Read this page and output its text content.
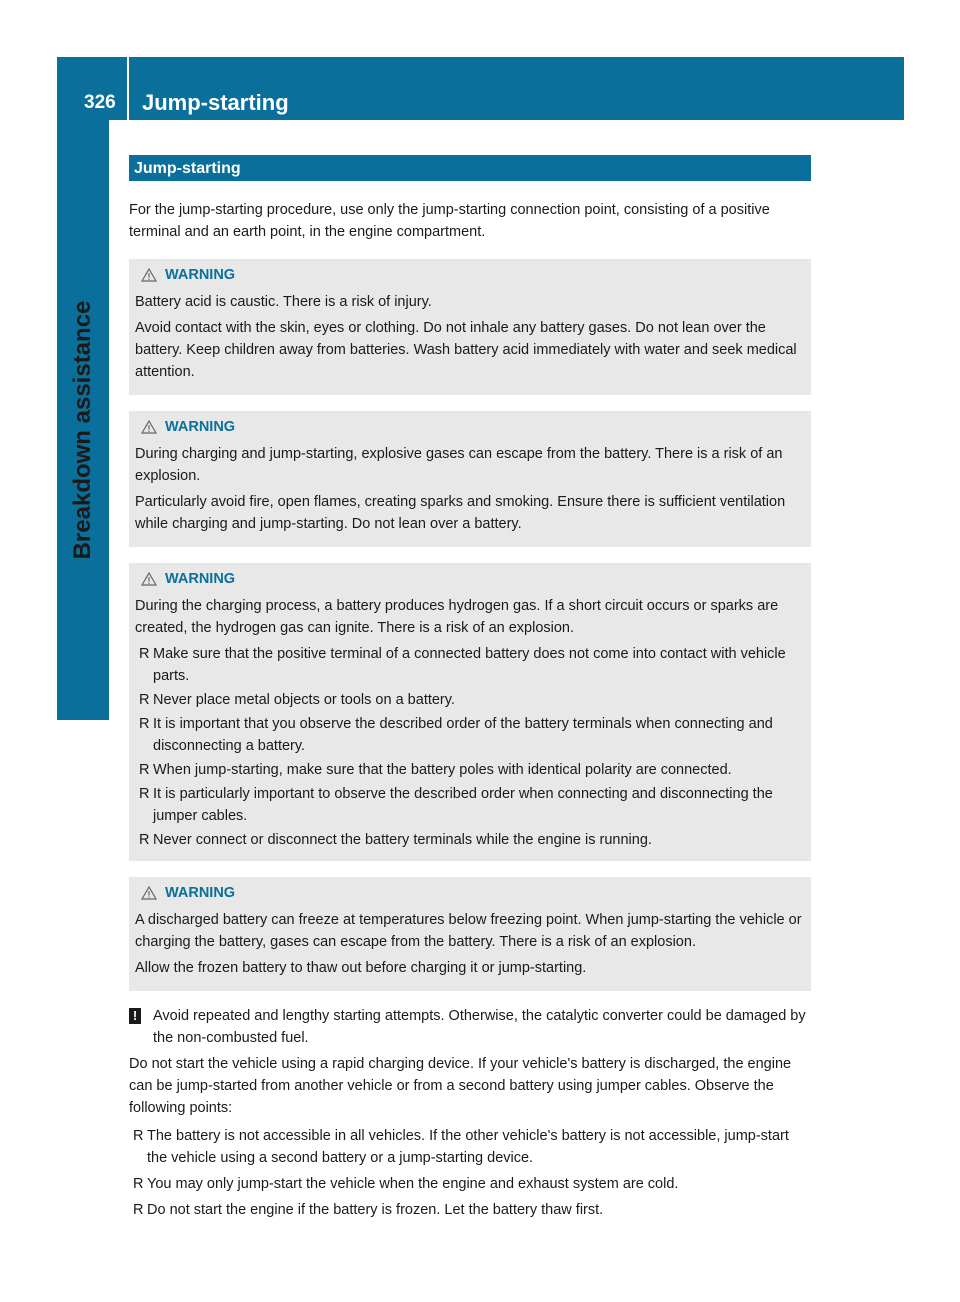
326 Jump-starting
Breakdown assistance
Jump-starting

For the jump-starting procedure, use only the jump-starting connection point, consisting of a positive terminal and an earth point, in the engine compartment.

WARNING

Battery acid is caustic. There is a risk of injury.

Avoid contact with the skin, eyes or clothing. Do not inhale any battery gases. Do not lean over the battery. Keep children away from batteries. Wash battery acid immediately with water and seek medical attention.

WARNING

During charging and jump-starting, explosive gases can escape from the battery. There is a risk of an explosion.

Particularly avoid fire, open flames, creating sparks and smoking. Ensure there is sufficient ventilation while charging and jump-starting. Do not lean over a battery.

WARNING

During the charging process, a battery produces hydrogen gas. If a short circuit occurs or sparks are created, the hydrogen gas can ignite. There is a risk of an explosion.

R Make sure that the positive terminal of a connected battery does not come into contact with vehicle parts.
R Never place metal objects or tools on a battery.
R It is important that you observe the described order of the battery terminals when connecting and disconnecting a battery.
R When jump-starting, make sure that the battery poles with identical polarity are connected.
R It is particularly important to observe the described order when connecting and disconnecting the jumper cables.
R Never connect or disconnect the battery terminals while the engine is running.
WARNING

A discharged battery can freeze at temperatures below freezing point. When jump-starting the vehicle or charging the battery, gases can escape from the battery. There is a risk of an explosion.

Allow the frozen battery to thaw out before charging it or jump-starting.

! Avoid repeated and lengthy starting attempts. Otherwise, the catalytic converter could be damaged by the non-combusted fuel.

Do not start the vehicle using a rapid charging device. If your vehicle's battery is discharged, the engine can be jump-started from another vehicle or from a second battery using jumper cables. Observe the following points:

R The battery is not accessible in all vehicles. If the other vehicle's battery is not accessible, jump-start the vehicle using a second battery or a jump-starting device.
R You may only jump-start the vehicle when the engine and exhaust system are cold.
R Do not start the engine if the battery is frozen. Let the battery thaw first.
